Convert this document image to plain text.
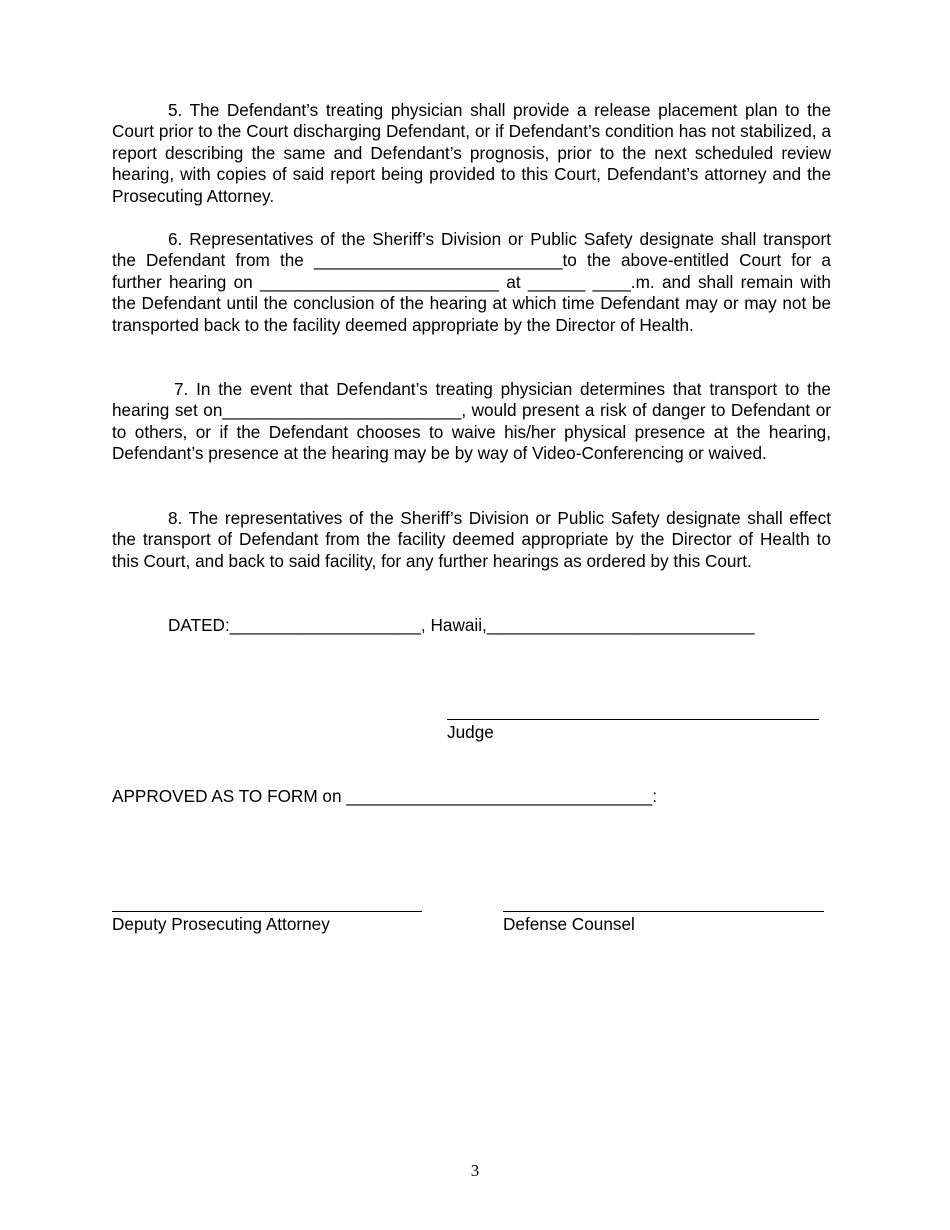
5. The Defendant’s treating physician shall provide a release placement plan to the Court prior to the Court discharging Defendant, or if Defendant’s condition has not stabilized, a report describing the same and Defendant’s prognosis, prior to the next scheduled review hearing, with copies of said report being provided to this Court, Defendant’s attorney and the Prosecuting Attorney.

6. Representatives of the Sheriff’s Division or Public Safety designate shall transport the Defendant from the __________________________to the above-entitled Court for a further hearing on _________________________ at ______ ____.m. and shall remain with the Defendant until the conclusion of the hearing at which time Defendant may or may not be transported back to the facility deemed appropriate by the Director of Health.

7. In the event that Defendant’s treating physician determines that transport to the hearing set on_________________________, would present a risk of danger to Defendant or to others, or if the Defendant chooses to waive his/her physical presence at the hearing, Defendant’s presence at the hearing may be by way of Video-Conferencing or waived.

8. The representatives of the Sheriff’s Division or Public Safety designate shall effect the transport of Defendant from the facility deemed appropriate by the Director of Health to this Court, and back to said facility, for any further hearings as ordered by this Court.

DATED:____________________, Hawaii,____________________________

Judge

APPROVED AS TO FORM on ________________________________:

Deputy Prosecuting Attorney	Defense Counsel

3
